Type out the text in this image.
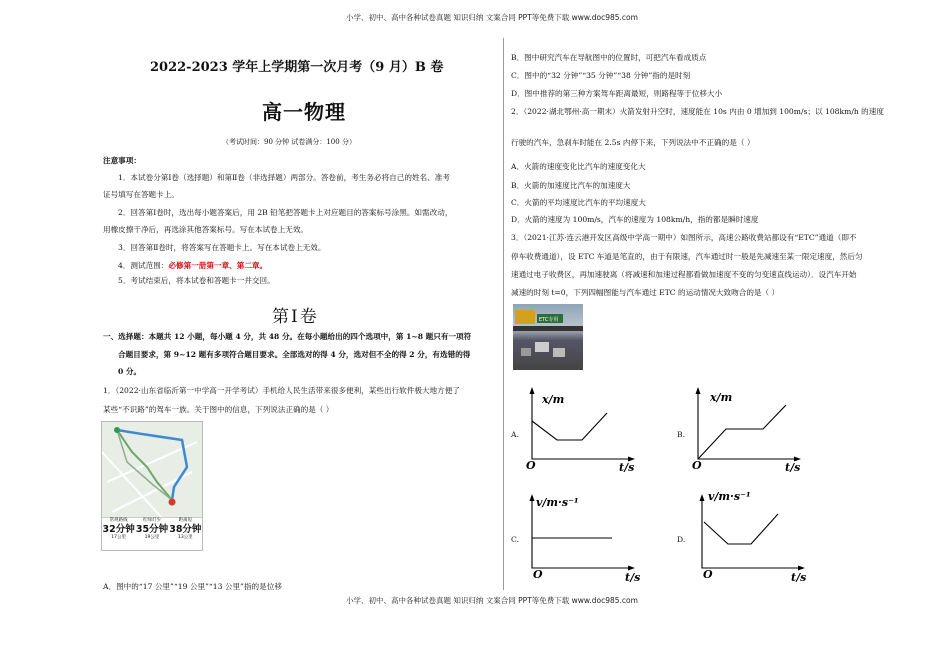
小学、初中、高中各种试卷真题 知识归纳 文案合同 PPT等免费下载 www.doc985.com
小学、初中、高中各种试卷真题 知识归纳 文案合同 PPT等免费下载 www.doc985.com
2022-2023 学年上学期第一次月考（9 月）B 卷
高一物理
（考试时间：90 分钟 试卷满分：100 分）
注意事项：
1．本试卷分第Ⅰ卷（选择题）和第Ⅱ卷（非选择题）两部分。答卷前，考生务必将自己的姓名、准考
证号填写在答题卡上。
2．回答第Ⅰ卷时，选出每小题答案后，用 2B 铅笔把答题卡上对应题目的答案标号涂黑。如需改动，
用橡皮擦干净后，再选涂其他答案标号。写在本试卷上无效。
3．回答第Ⅱ卷时，将答案写在答题卡上。写在本试卷上无效。
4．测试范围：必修第一册第一章、第二章。
5．考试结束后，将本试卷和答题卡一并交回。
第Ⅰ卷
一、选择题：本题共 12 小题，每小题 4 分，共 48 分。在每小题给出的四个选项中，第 1~8 题只有一项符
合题目要求，第 9~12 题有多项符合题目要求。全部选对的得 4 分，选对但不全的得 2 分，有选错的得
0 分。
1．（2022·山东省临沂第一中学高一开学考试）手机给人民生活带来很多便利，某些出行软件极大地方便了
某些“不识路”的驾车一族。关于图中的信息，下列说法正确的是（ ）
常规路线
32分钟
17公里
红绿灯少
35分钟
19公里
距离短
38分钟
13公里
A．图中的“17 公里”“19 公里”“13 公里”指的是位移
B．图中研究汽车在导航图中的位置时，可把汽车看成质点
C．图中的“32 分钟”“35 分钟”“38 分钟”指的是时刻
D．图中推荐的第三种方案驾车距离最短，则路程等于位移大小
2．（2022·湖北鄂州·高一期末）火箭发射升空时，速度能在 10s 内由 0 增加到 100m/s；以 108km/h 的速度
行驶的汽车，急刹车时能在 2.5s 内停下来，下列说法中不正确的是（ ）
A．火箭的速度变化比汽车的速度变化大
B．火箭的加速度比汽车的加速度大
C．火箭的平均速度比汽车的平均速度大
D．火箭的速度为 100m/s，汽车的速度为 108km/h，指的都是瞬时速度
3．（2021·江苏·连云港开发区高级中学高一期中）如图所示，高速公路收费站都设有“ETC”通道（即不
停车收费通道），设 ETC 车道是笔直的，由于有限速，汽车通过时一般是先减速至某一限定速度，然后匀
速通过电子收费区，再加速驶离（将减速和加速过程都看做加速度不变的匀变速直线运动）．设汽车开始
减速的时刻 t=0，下列四幅图能与汽车通过 ETC 的运动情况大致吻合的是（ ）
ETC专用
A.	B.
C.	D.
x/m
t/s
O
x/m
t/s
O
v/m·s⁻¹
t/s
O
v/m·s⁻¹
t/s
O
